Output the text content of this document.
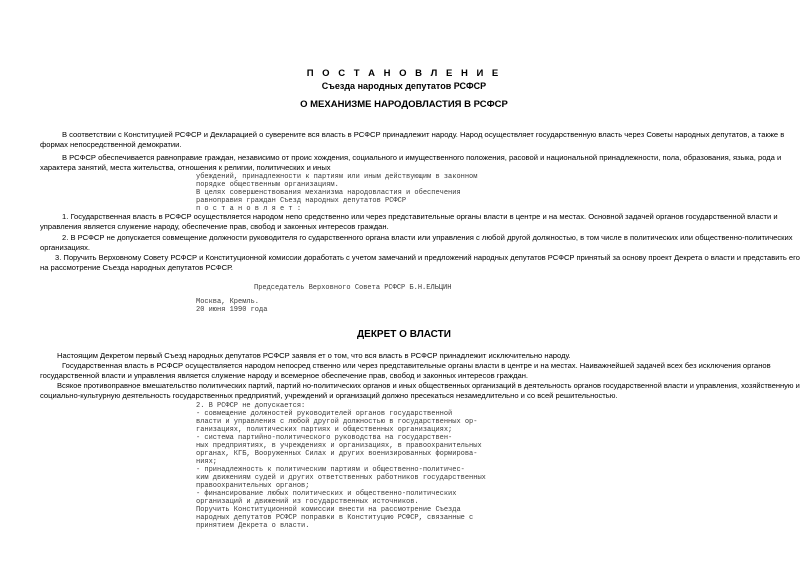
П О С Т А Н О В Л Е Н И Е
Съезда народных депутатов РСФСР
О МЕХАНИЗМЕ НАРОДОВЛАСТИЯ В РСФСР
В соответствии с Конституцией РСФСР и Декларацией о суверените вся власть в РСФСР принадлежит народу. Народ осуществляет государственную власть через Советы народных депутатов, а также в
формах непосредственной демократии.
В РСФСР обеспечивается равноправие граждан, независимо от проис хождения, социального и имущественного положения, расовой и национальной принадлежности, пола, образования, языка, рода и
характера занятий, места жительства, отношения к религии, политических и иных
убеждений, принадлежности к партиям или иным действующим в законном
порядке общественным организациям.
В целях совершенствования механизма народовластия и обеспечения
равноправия граждан Съезд народных депутатов РСФСР
п о с т а н о в л я е т :
1. Государственная власть в РСФСР осуществляется народом непо средственно или через представительные органы власти в центре и на местах. Основной задачей органов государственной власти и
управления является служение народу, обеспечение прав, свобод и законных интересов граждан.
2. В РСФСР не допускается совмещение должности руководителя го сударственного органа власти или управления с любой другой должностью, в том числе в политических или общественно-политических
организациях.
3. Поручить Верховному Совету РСФСР и Конституционной комиссии доработать с учетом замечаний и предложений народных депутатов РСФСР принятый за основу проект Декрета о власти и представить его
на рассмотрение Съезда народных депутатов РСФСР.
Председатель Верховного Совета РСФСР Б.Н.ЕЛЬЦИН
Москва, Кремль.
20 июня 1990 года
ДЕКРЕТ О ВЛАСТИ
Настоящим Декретом первый Съезд народных депутатов РСФСР заявля ет о том, что вся власть в РСФСР принадлежит исключительно народу.
Государственная власть в РСФСР осуществляется народом непосред ственно или через представительные органы власти в центре и на местах. Наиважнейшей задачей всех без исключения органов
государственной власти и управления является служение народу и всемерное обеспечение прав, свобод и законных интересов граждан.
Всякое противоправное вмешательство политических партий, партий но-политических органов и иных общественных организаций в деятельность органов государственной власти и управления, хозяйственную и
социально-культурную деятельность государственных предприятий, учреждений и организаций должно пресекаться незамедлительно и со всей решительностью.
2. В РСФСР не допускается:
- совмещение должностей руководителей органов государственной
власти и управления с любой другой должностью в государственных ор-
ганизациях, политических партиях и общественных организациях;
- система партийно-политического руководства на государствен-
ных предприятиях, в учреждениях и организациях, в правоохранительных
органах, КГБ, Вооруженных Силах и других военизированных формирова-
ниях;
- принадлежность к политическим партиям и общественно-политичес-
ким движениям судей и других ответственных работников государственных
правоохранительных органов;
- финансирование любых политических и общественно-политических
организаций и движений из государственных источников.
Поручить Конституционной комиссии внести на рассмотрение Съезда
народных депутатов РСФСР поправки в Конституцию РСФСР, связанные с
принятием Декрета о власти.
